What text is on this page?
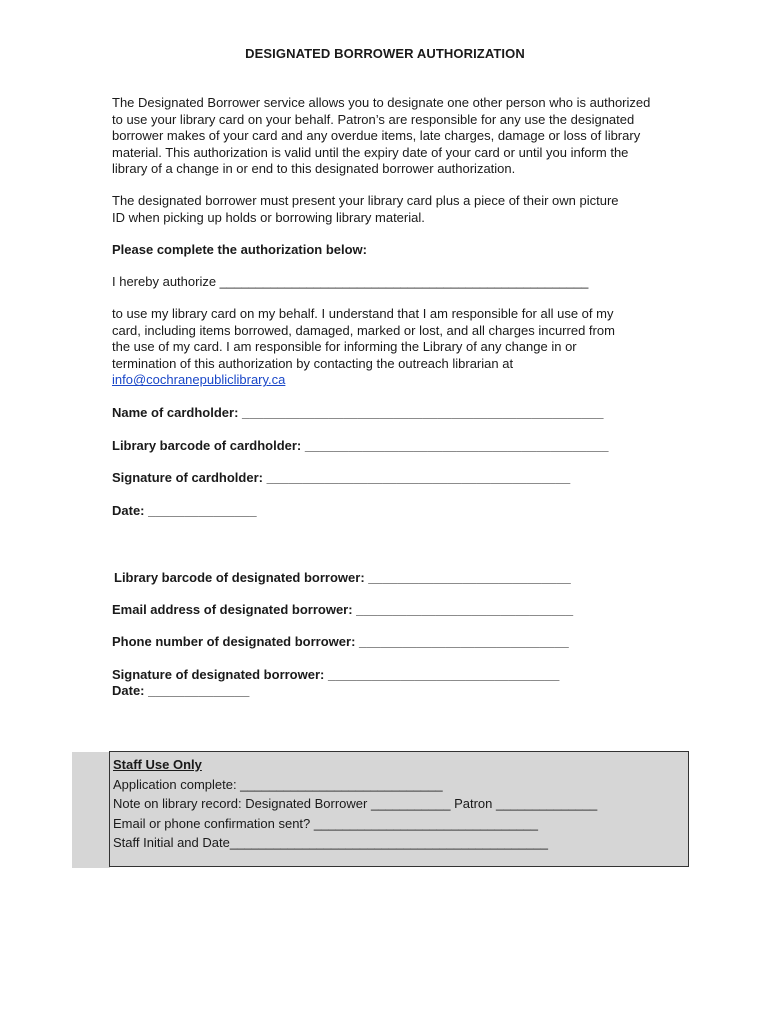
DESIGNATED BORROWER AUTHORIZATION

The Designated Borrower service allows you to designate one other person who is authorized

to use your library card on your behalf. Patron’s are responsible for any use the designated

borrower makes of your card and any overdue items, late charges, damage or loss of library

material. This authorization is valid until the expiry date of your card or until you inform the

library of a change in or end to this designated borrower authorization.

The designated borrower must present your library card plus a piece of their own picture

ID when picking up holds or borrowing library material.

Please complete the authorization below:
I hereby authorize ___________________________________________________

to use my library card on my behalf. I understand that I am responsible for all use of my

card, including items borrowed, damaged, marked or lost, and all charges incurred from

the use of my card. I am responsible for informing the Library of any change in or

termination of this authorization by contacting the outreach librarian at

info@cochranepubliclibrary.ca

Name of cardholder: __________________________________________________
Library barcode of cardholder: __________________________________________
Signature of cardholder: __________________________________________
Date: _______________
Library barcode of designated borrower: ____________________________
Email address of designated borrower: ______________________________
Phone number of designated borrower: _____________________________
Signature of designated borrower: ________________________________
Date: ______________
Staff Use Only
Application complete: ____________________________
Note on library record: Designated Borrower ___________ Patron ______________
Email or phone confirmation sent? _______________________________
Staff Initial and Date____________________________________________
